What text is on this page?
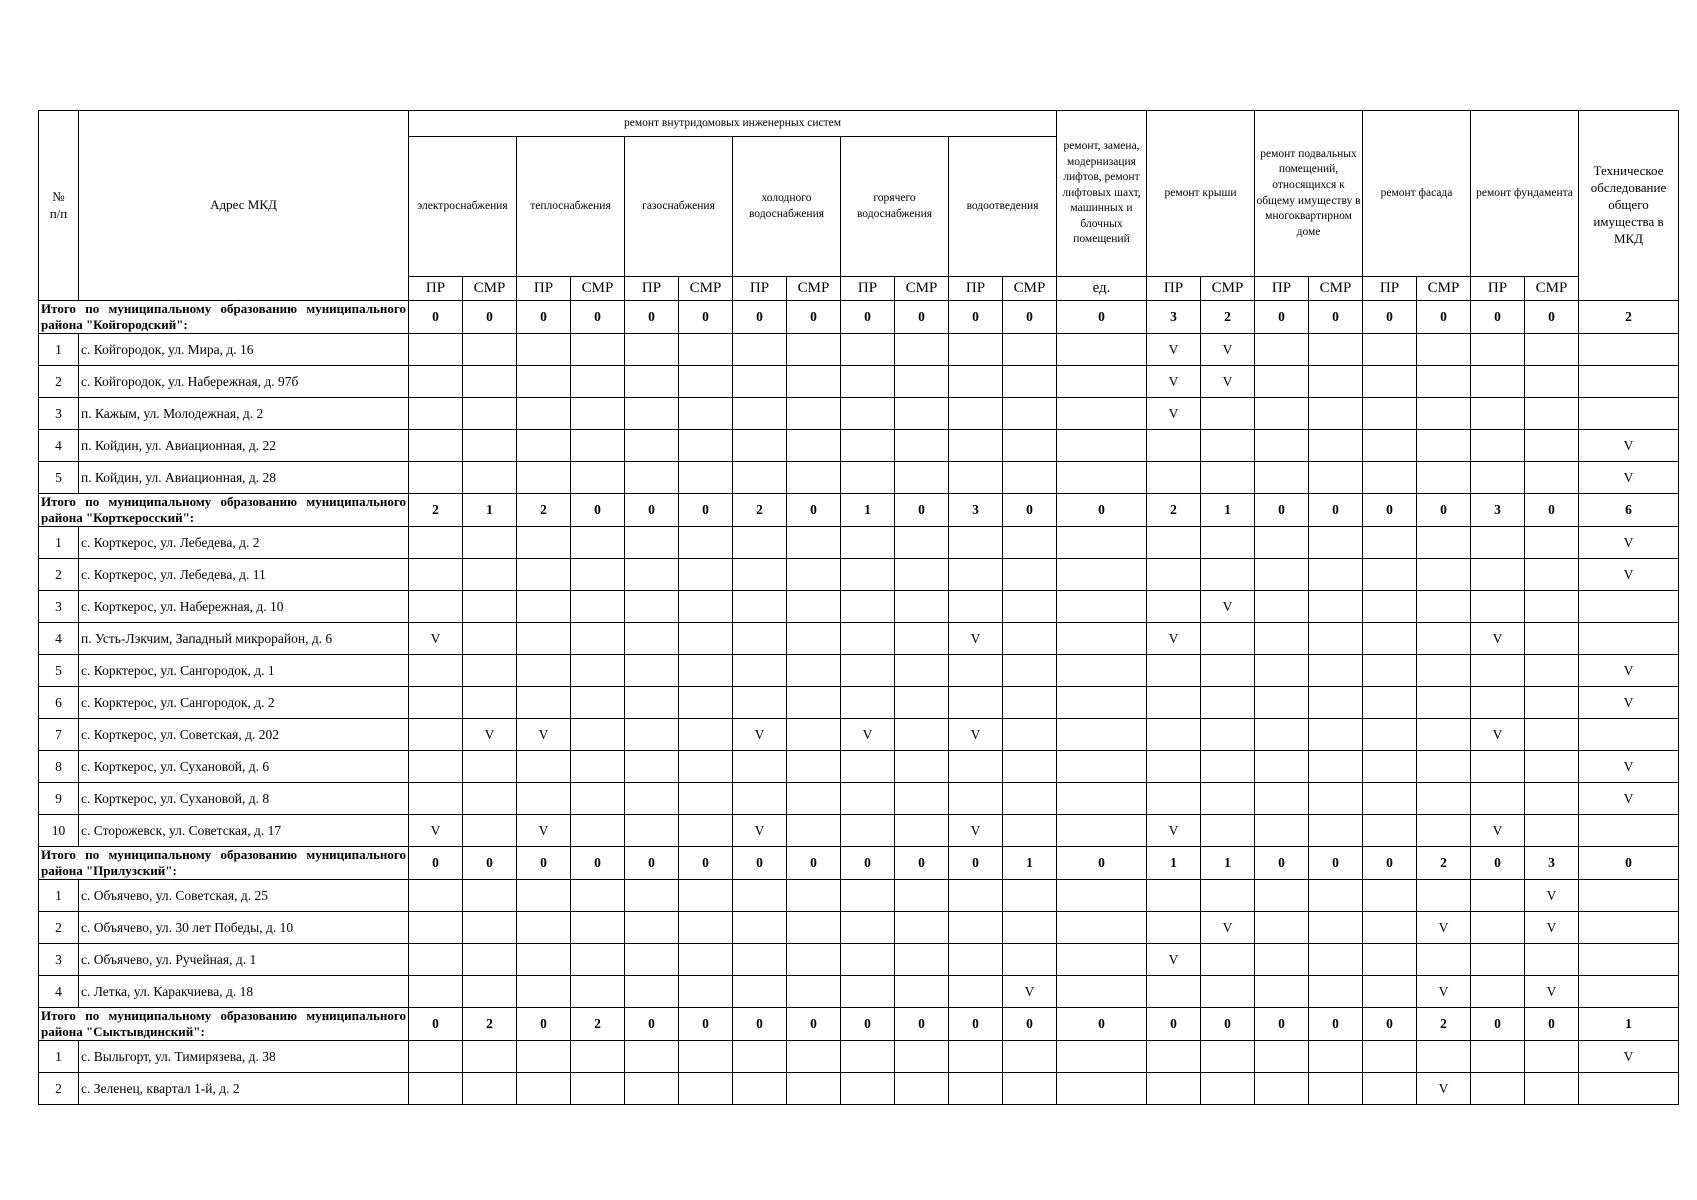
№
п/п	Адрес МКД	ремонт внутридомовых инженерных систем												ремонт, замена, модернизация лифтов, ремонт лифтовых шахт, машинных и блочных помещений	ремонт крыши		ремонт подвальных помещений, относящихся к общему имуществу в многоквартирном доме		ремонт фасада		ремонт фундамента		Техническое обследование общего имущества в МКД
		электроснабжения		теплоснабжения		газоснабжения		холодного водоснабжения		горячего водоснабжения		водоотведения											
		ПР	СМР	ПР	СМР	ПР	СМР	ПР	СМР	ПР	СМР	ПР	СМР	ед.	ПР	СМР	ПР	СМР	ПР	СМР	ПР	СМР	
Итого по муниципальному образованию муниципального района "Койгородский":		0	0	0	0	0	0	0	0	0	0	0	0	0	3	2	0	0	0	0	0	0	2
1	с. Койгородок, ул. Мира, д. 16														V	V							
2	с. Койгородок, ул. Набережная, д. 97б														V	V							
3	п. Кажым, ул. Молодежная, д. 2														V								
4	п. Койдин, ул. Авиационная, д. 22																						V
5	п. Койдин, ул. Авиационная, д. 28																						V
Итого по муниципальному образованию муниципального района "Корткеросский":		2	1	2	0	0	0	2	0	1	0	3	0	0	2	1	0	0	0	0	3	0	6
1	с. Корткерос, ул. Лебедева, д. 2																						V
2	с. Корткерос, ул. Лебедева, д. 11																						V
3	с. Корткерос, ул. Набережная, д. 10															V							
4	п. Усть-Лэкчим, Западный микрорайон, д. 6	V										V			V						V		
5	с. Корктерос, ул. Сангородок, д. 1																						V
6	с. Корктерос, ул. Сангородок, д. 2																						V
7	с. Корткерос, ул. Советская, д. 202		V	V				V		V		V									V		
8	с. Корткерос, ул. Сухановой, д. 6																						V
9	с. Корткерос, ул. Сухановой, д. 8																						V
10	с. Сторожевск, ул. Советская, д. 17	V		V				V				V			V						V		
Итого по муниципальному образованию муниципального района "Прилузский":		0	0	0	0	0	0	0	0	0	0	0	1	0	1	1	0	0	0	2	0	3	0
1	с. Объячево, ул. Советская, д. 25																					V	
2	с. Объячево, ул. 30 лет Победы, д. 10															V				V		V	
3	с. Объячево, ул. Ручейная, д. 1														V								
4	с. Летка, ул. Каракчиева, д. 18												V							V		V	
Итого по муниципальному образованию муниципального района "Сыктывдинский":		0	2	0	2	0	0	0	0	0	0	0	0	0	0	0	0	0	0	2	0	0	1
1	с. Выльгорт, ул. Тимирязева, д. 38																						V
2	с. Зеленец, квартал 1-й, д. 2																			V			
